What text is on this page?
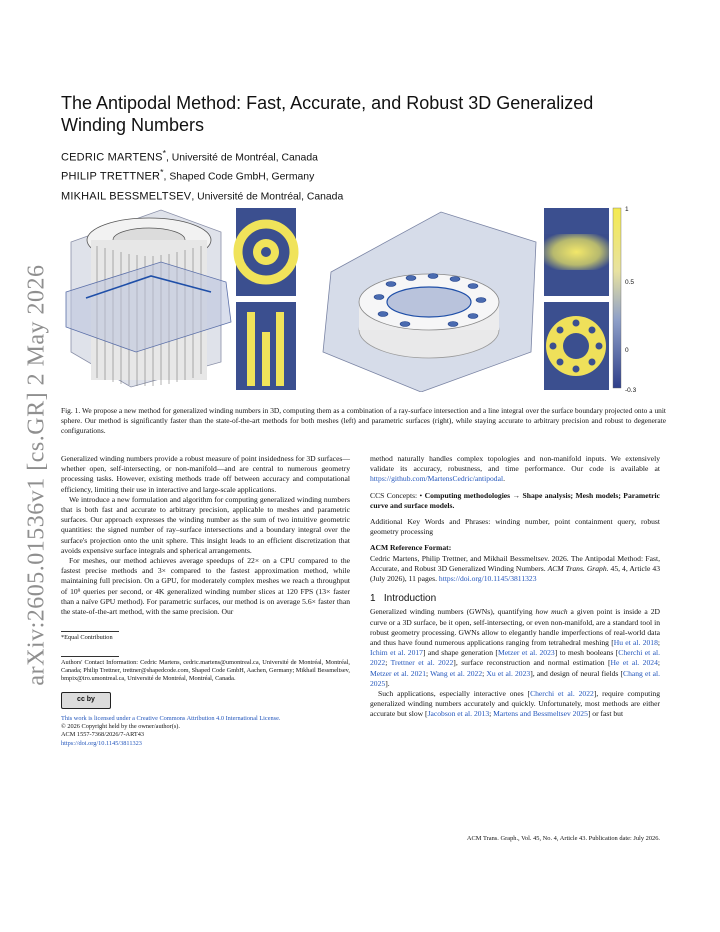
arXiv:2605.01536v1 [cs.GR] 2 May 2026
The Antipodal Method: Fast, Accurate, and Robust 3D Generalized Winding Numbers
CEDRIC MARTENS*, Université de Montréal, Canada
PHILIP TRETTNER*, Shaped Code GmbH, Germany
MIKHAIL BESSMELTSEV, Université de Montréal, Canada
1
0.5
0
-0.3
Fig. 1. We propose a new method for generalized winding numbers in 3D, computing them as a combination of a ray-surface intersection and a line integral over the surface boundary projected onto a unit sphere. Our method is significantly faster than the state-of-the-art methods for both meshes (left) and parametric surfaces (right), while staying accurate to arbitrary precision and robust to degenerate configurations.

Generalized winding numbers provide a robust measure of point insidedness for 3D surfaces—whether open, self-intersecting, or non-manifold—and are central to numerous geometry processing tasks. However, existing methods trade off between accuracy and computational efficiency, limiting their use in interactive and large-scale applications.

We introduce a new formulation and algorithm for computing generalized winding numbers that is both fast and accurate to arbitrary precision, applicable to meshes and parametric surfaces. Our approach expresses the winding number as the sum of two intuitive geometric quantities: the signed number of ray–surface intersections and a boundary integral over the surface's projection onto the unit sphere. This insight leads to an efficient discretization that avoids expensive surface integrals and spherical arrangements.

For meshes, our method achieves average speedups of 22× on a CPU compared to the fastest precise methods and 3× compared to the fastest approximation method, while maintaining full precision. On a GPU, for moderately complex meshes we reach a throughput of 10⁹ queries per second, or 4K generalized winding number slices at 120 FPS (13× faster than a naïve GPU method). For parametric surfaces, our method is on average 5.6× faster than the state-of-the-art method, with the same precision. Our

*Equal Contribution

Authors' Contact Information: Cedric Martens, cedric.martens@umontreal.ca, Université de Montréal, Montréal, Canada; Philip Trettner, trettner@shapedcode.com, Shaped Code GmbH, Aachen, Germany; Mikhail Bessmeltsev, bmpix@iro.umontreal.ca, Université de Montréal, Montréal, Canada.

cc by

This work is licensed under a Creative Commons Attribution 4.0 International License.

© 2026 Copyright held by the owner/author(s).

ACM 1557-7368/2026/7-ART43

https://doi.org/10.1145/3811323

method naturally handles complex topologies and non-manifold inputs. We extensively validate its accuracy, robustness, and time performance. Our code is available at https://github.com/MartensCedric/antipodal.

CCS Concepts: • Computing methodologies → Shape analysis; Mesh models; Parametric curve and surface models.

Additional Key Words and Phrases: winding number, point containment query, robust geometry processing

ACM Reference Format:

Cedric Martens, Philip Trettner, and Mikhail Bessmeltsev. 2026. The Antipodal Method: Fast, Accurate, and Robust 3D Generalized Winding Numbers. ACM Trans. Graph. 45, 4, Article 43 (July 2026), 11 pages. https://doi.org/10.1145/3811323

1 Introduction

Generalized winding numbers (GWNs), quantifying how much a given point is inside a 2D curve or a 3D surface, be it open, self-intersecting, or even non-manifold, are a standard tool in robust geometry processing. GWNs allow to elegantly handle imperfections of real-world data and thus have found numerous applications ranging from tetrahedral meshing [Hu et al. 2018; Ichim et al. 2017] and shape generation [Metzer et al. 2023] to mesh booleans [Cherchi et al. 2022; Trettner et al. 2022], surface reconstruction and normal estimation [He et al. 2024; Metzer et al. 2021; Wang et al. 2022; Xu et al. 2023], and design of neural fields [Chang et al. 2025].

Such applications, especially interactive ones [Cherchi et al. 2022], require computing generalized winding numbers accurately and quickly. Unfortunately, most methods are either accurate but slow [Jacobson et al. 2013; Martens and Bessmeltsev 2025] or fast but

ACM Trans. Graph., Vol. 45, No. 4, Article 43. Publication date: July 2026.
